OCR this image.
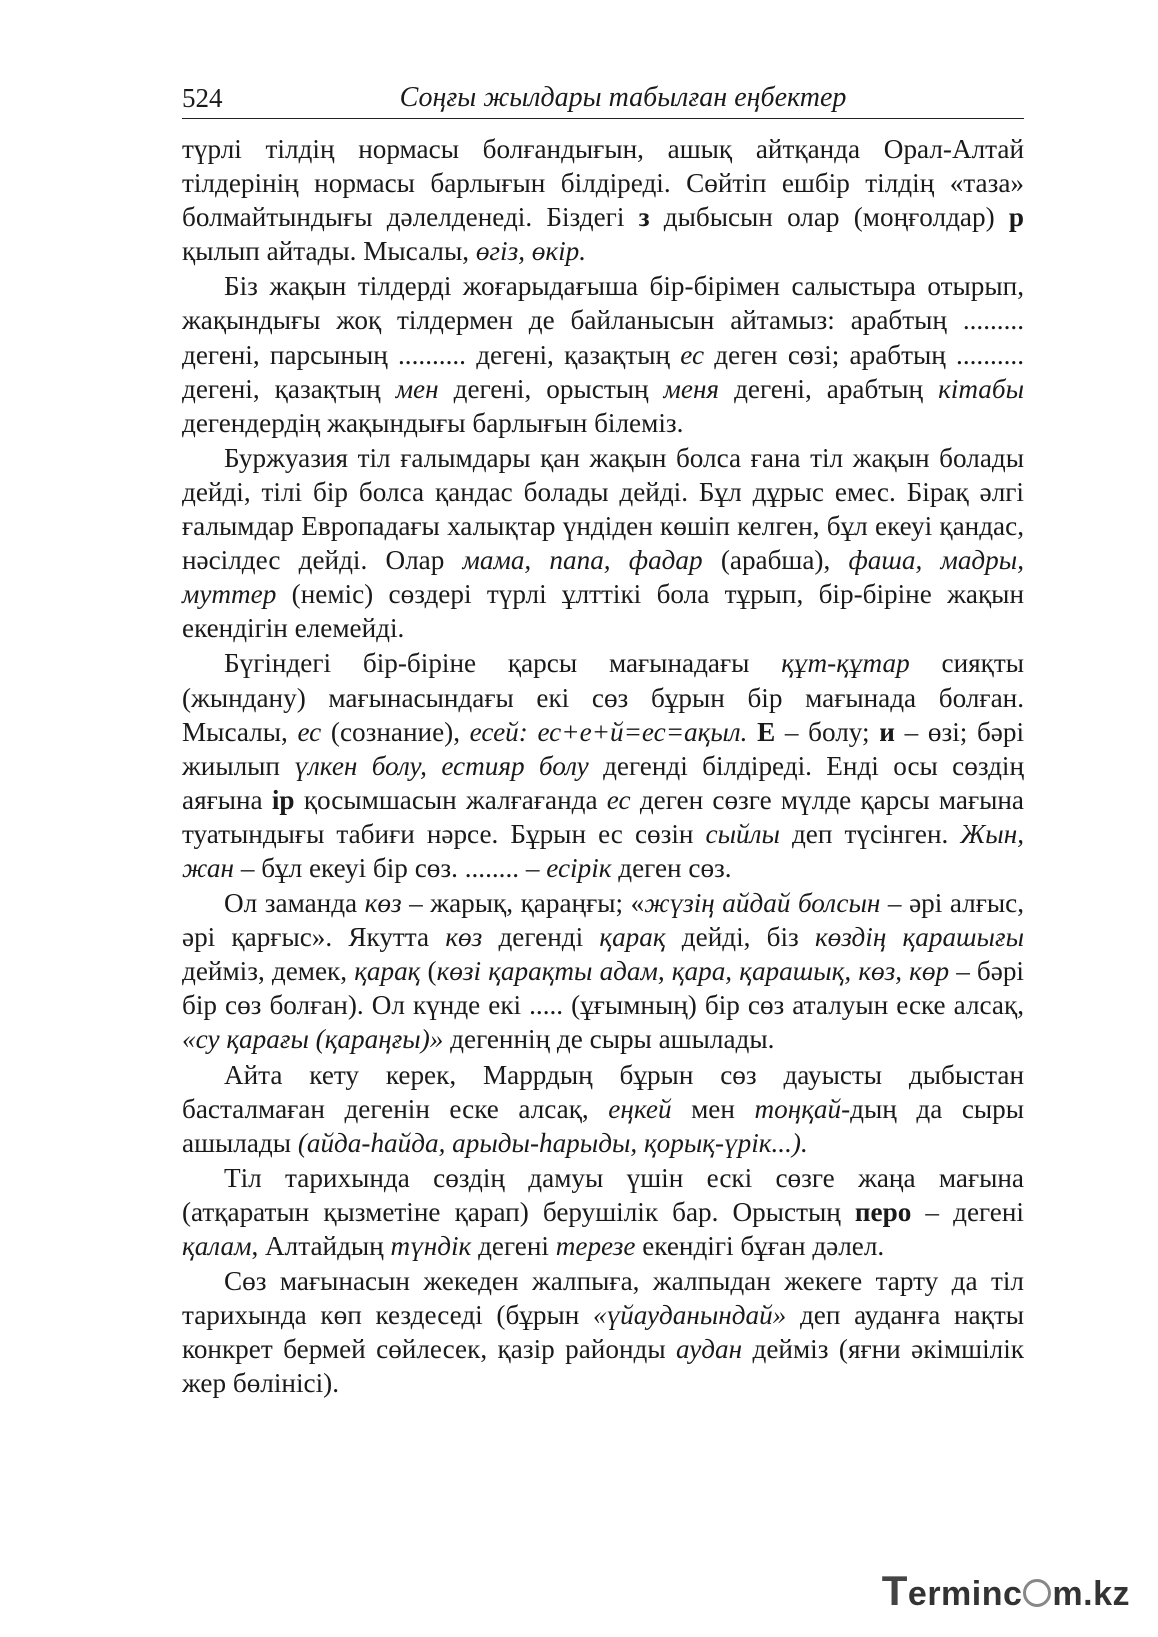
524	Соңғы жылдары табылған еңбектер

түрлі тілдің нормасы болғандығын, ашық айтқанда Орал-Алтай тілдерінің нормасы барлығын білдіреді. Сөйтіп ешбір тілдің «таза» болмайтындығы дәлелденеді. Біздегі з дыбысын олар (моңғолдар) р қылып айтады. Мысалы, өгіз, өкір.

Біз жақын тілдерді жоғарыдағыша бір-бірімен салыстыра отырып, жақындығы жоқ тілдермен де байланысын айтамыз: арабтың ......... дегені, парсының .......... дегені, қазақтың ес деген сөзі; арабтың .......... дегені, қазақтың мен дегені, орыстың меня дегені, арабтың кітабы дегендердің жақындығы барлығын білеміз.

Буржуазия тіл ғалымдары қан жақын болса ғана тіл жақын болады дейді, тілі бір болса қандас болады дейді. Бұл дұрыс емес. Бірақ әлгі ғалымдар Европадағы халықтар үндіден көшіп келген, бұл екеуі қандас, нәсілдес дейді. Олар мама, папа, фадар (арабша), фаша, мадры, муттер (неміс) сөздері түрлі ұлттікі бола тұрып, бір-біріне жақын екендігін елемейді.

Бүгіндегі бір-біріне қарсы мағынадағы құт-құтар сияқты (жындану) мағынасындағы екі сөз бұрын бір мағынада болған. Мысалы, ес (сознание), есей: ес+е+й=ес=ақыл. Е – болу; и – өзі; бәрі жиылып үлкен болу, естияр болу дегенді білдіреді. Енді осы сөздің аяғына ір қосымшасын жалғағанда ес деген сөзге мүлде қарсы мағына туатындығы табиғи нәрсе. Бұрын ес сөзін сыйлы деп түсінген. Жын, жан – бұл екеуі бір сөз. ........ – есірік деген сөз.

Ол заманда көз – жарық, қараңғы; «жүзің айдай болсын – әрі алғыс, әрі қарғыс». Якутта көз дегенді қарақ дейді, біз көздің қарашығы дейміз, демек, қарақ (көзі қарақты адам, қара, қарашық, көз, көр – бәрі бір сөз болған). Ол күнде екі ..... (ұғымның) бір сөз аталуын еске алсақ, «су қарағы (қараңғы)» дегеннің де сыры ашылады.

Айта кету керек, Маррдың бұрын сөз дауысты дыбыстан басталмаған дегенін еске алсақ, еңкей мен тоңқай-дың да сыры ашылады (айда-һайда, арыды-һарыды, қорық-үрік...).

Тіл тарихында сөздің дамуы үшін ескі сөзге жаңа мағына (атқаратын қызметіне қарап) берушілік бар. Орыстың перо – дегені қалам, Алтайдың түндік дегені терезе екендігі бұған дәлел.

Сөз мағынасын жекеден жалпыға, жалпыдан жекеге тарту да тіл тарихында көп кездеседі (бұрын «үйауданындай» деп ауданға нақты конкрет бермей сөйлесек, қазір районды аудан дейміз (яғни әкімшілік жер бөлінісі).

Terminc m.kz
